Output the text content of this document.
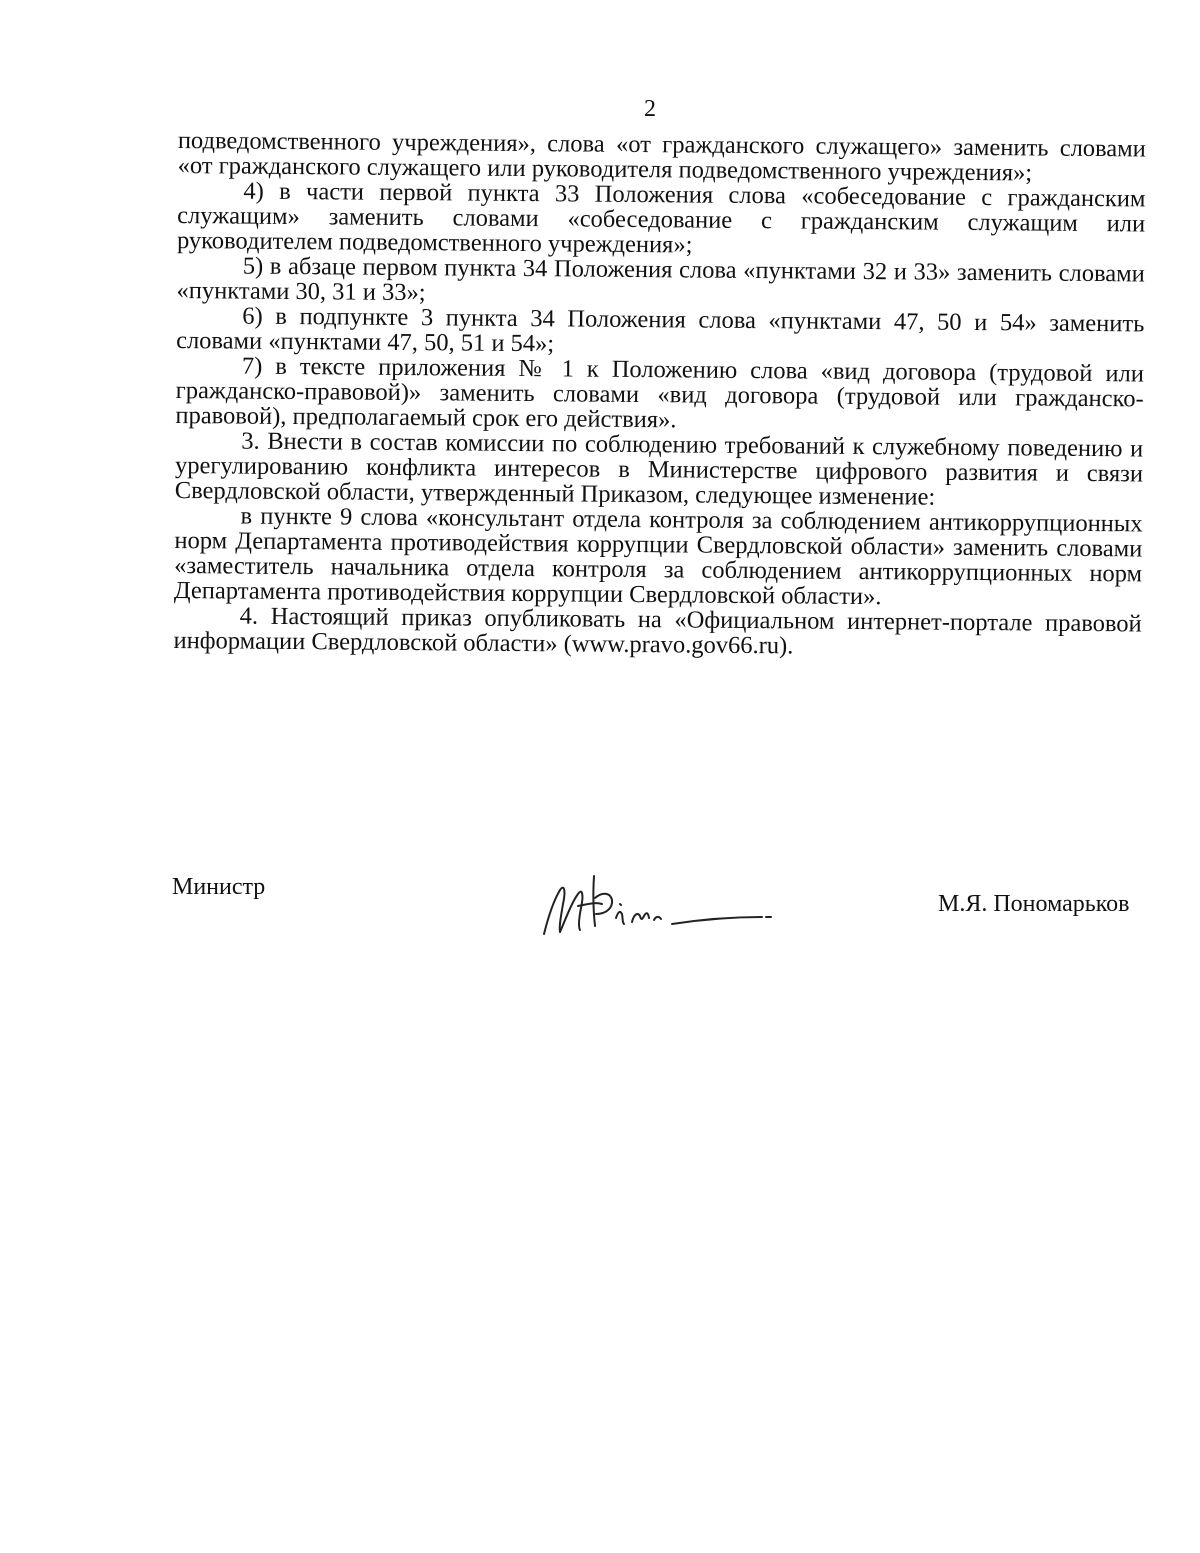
2

подведомственного учреждения», слова «от гражданского служащего» заменить словами «от гражданского служащего или руководителя подведомственного учреждения»;

4) в части первой пункта 33 Положения слова «собеседование с гражданским служащим» заменить словами «собеседование с гражданским служащим или руководителем подведомственного учреждения»;

5) в абзаце первом пункта 34 Положения слова «пунктами 32 и 33» заменить словами «пунктами 30, 31 и 33»;

6) в подпункте 3 пункта 34 Положения слова «пунктами 47, 50 и 54» заменить словами «пунктами 47, 50, 51 и 54»;

7) в тексте приложения № 1 к Положению слова «вид договора (трудовой или гражданско-правовой)» заменить словами «вид договора (трудовой или гражданско-правовой), предполагаемый срок его действия».

3. Внести в состав комиссии по соблюдению требований к служебному поведению и урегулированию конфликта интересов в Министерстве цифрового развития и связи Свердловской области, утвержденный Приказом, следующее изменение:

в пункте 9 слова «консультант отдела контроля за соблюдением антикоррупционных норм Департамента противодействия коррупции Свердловской области» заменить словами «заместитель начальника отдела контроля за соблюдением антикоррупционных норм Департамента противодействия коррупции Свердловской области».

4. Настоящий приказ опубликовать на «Официальном интернет-портале правовой информации Свердловской области» (www.pravo.gov66.ru).

Министр
М.Я. Пономарьков
